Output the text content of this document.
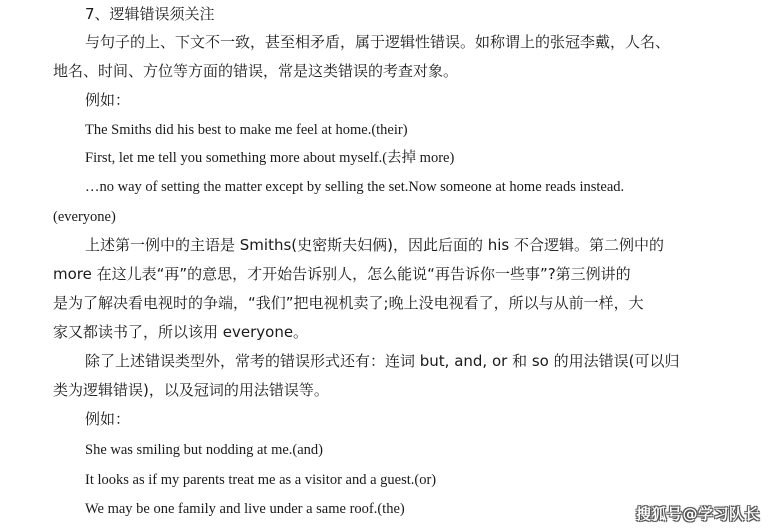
7、逻辑错误须关注
与句子的上、下文不一致，甚至相矛盾，属于逻辑性错误。如称谓上的张冠李戴，人名、
地名、时间、方位等方面的错误，常是这类错误的考查对象。
例如：
The Smiths did his best to make me feel at home.(their)
First, let me tell you something more about myself.(去掉 more)
…no way of setting the matter except by selling the set.Now someone at home reads instead.
(everyone)
上述第一例中的主语是 Smiths(史密斯夫妇俩)，因此后面的 his 不合逻辑。第二例中的
more 在这儿表“再”的意思，才开始告诉别人，怎么能说“再告诉你一些事”?第三例讲的
是为了解决看电视时的争端，“我们”把电视机卖了;晚上没电视看了，所以与从前一样，大
家又都读书了，所以该用 everyone。
除了上述错误类型外，常考的错误形式还有：连词 but, and, or 和 so 的用法错误(可以归
类为逻辑错误)，以及冠词的用法错误等。
例如：
She was smiling but nodding at me.(and)
It looks as if my parents treat me as a visitor and a guest.(or)
We may be one family and live under a same roof.(the)	搜狐号@学习队长
